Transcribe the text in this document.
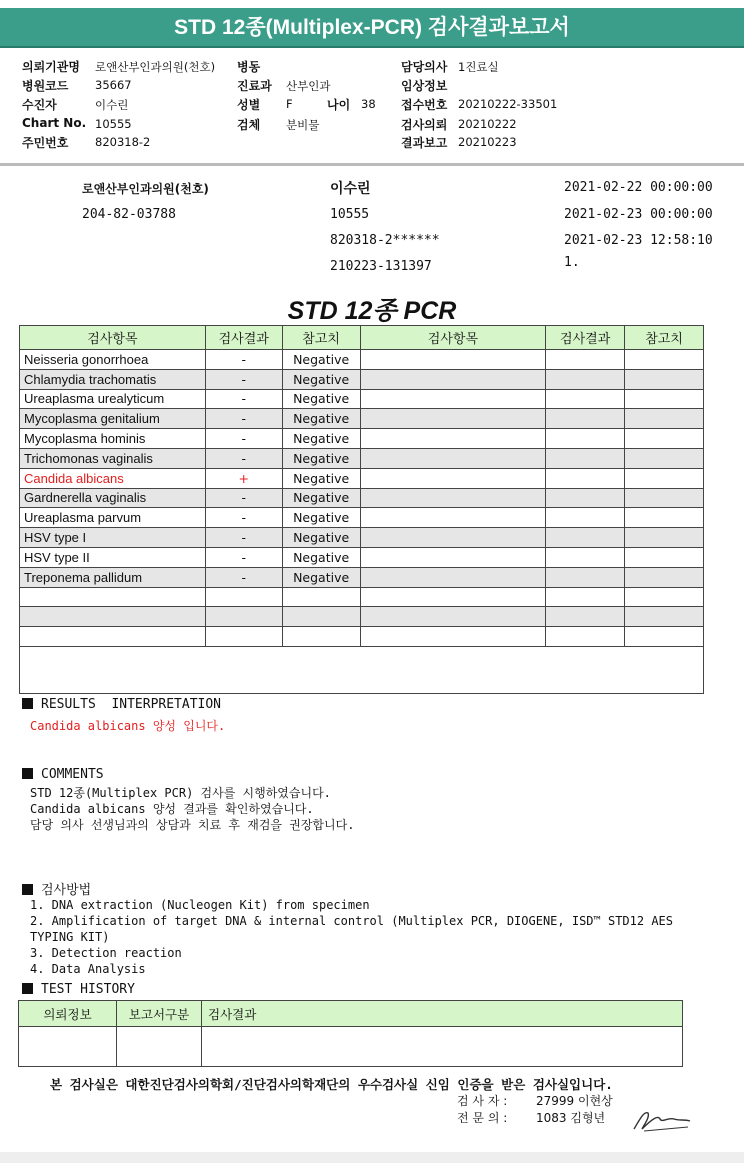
STD 12종(Multiplex-PCR) 검사결과보고서
의뢰기관명 로앤산부인과의원(천호)
병원코드 35667
수진자	이수린
Chart No. 10555
주민번호 820318-2
병동
진료과 산부인과
성별 F	나이 38
검체 분비물
담당의사 1진료실
임상정보
접수번호 20210222-33501
검사의뢰 20210222
결과보고 20210223
로앤산부인과의원(천호)
204-82-03788
이수린
10555
820318-2******
210223-131397
2021-02-22 00:00:00
2021-02-23 00:00:00
2021-02-23 12:58:10
1.
STD 12종 PCR
검사항목	검사결과	참고치	검사항목	검사결과	참고치
Neisseria gonorrhoea	-	Negative			
Chlamydia trachomatis	-	Negative			
Ureaplasma urealyticum	-	Negative			
Mycoplasma genitalium	-	Negative			
Mycoplasma hominis	-	Negative			
Trichomonas vaginalis	-	Negative			
Candida albicans	+	Negative			
Gardnerella vaginalis	-	Negative			
Ureaplasma parvum	-	Negative			
HSV type I	-	Negative			
HSV type II	-	Negative			
Treponema pallidum	-	Negative			

RESULTS  INTERPRETATION
Candida albicans 양성 입니다.
COMMENTS
STD 12종(Multiplex PCR) 검사를 시행하였습니다.
Candida albicans 양성 결과를 확인하였습니다.
담당 의사 선생님과의 상담과 치료 후 재검을 권장합니다.
검사방법
1. DNA extraction (Nucleogen Kit) from specimen
2. Amplification of target DNA & internal control (Multiplex PCR, DIOGENE, ISD™ STD12 AES
TYPING KIT)
3. Detection reaction
4. Data Analysis
TEST HISTORY
의뢰정보	보고서구분	검사결과

본 검사실은 대한진단검사의학회/진단검사의학재단의 우수검사실 신임 인증을 받은 검사실입니다.
검 사 자 : 27999 이현상
전 문 의 : 1083 김형년
